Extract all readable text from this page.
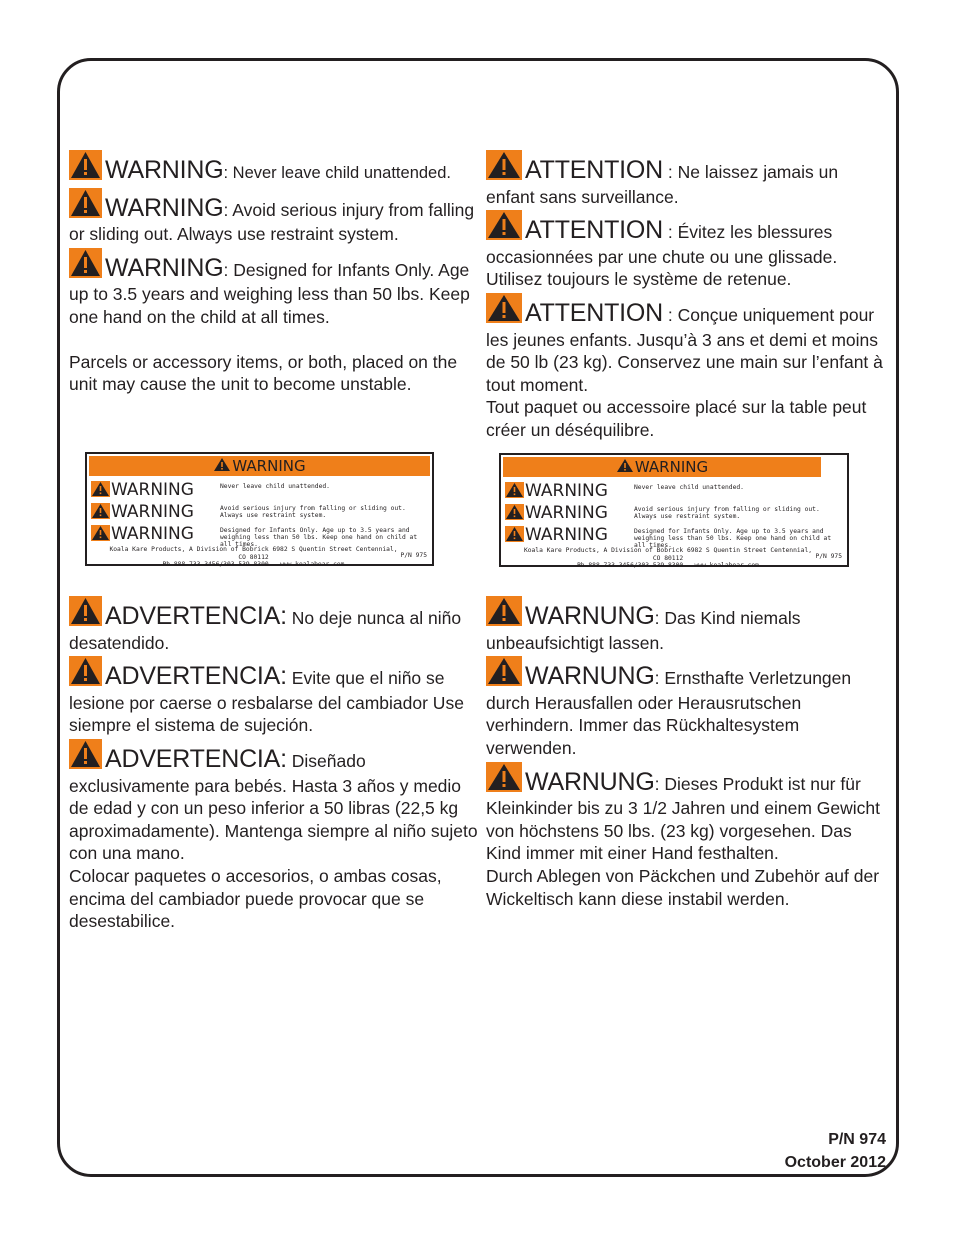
WARNING: Never leave child unattended.

WARNING: Avoid serious injury from falling or sliding out. Always use restraint system.

WARNING: Designed for Infants Only. Age up to 3.5 years and weighing less than 50 lbs. Keep one hand on the child at all times.

Parcels or accessory items, or both, placed on the unit may cause the unit to become unstable.

ATTENTION : Ne laissez jamais un enfant sans surveillance.

ATTENTION : Évitez les blessures occasionnées par une chute ou une glissade. Utilisez toujours le système de retenue.

ATTENTION : Conçue uniquement pour les jeunes enfants. Jusqu’à 3 ans et demi et moins de 50 lb (23 kg). Conservez une main sur l’enfant à tout moment.

Tout paquet ou accessoire placé sur la table peut créer un déséquilibre.

WARNING
WARNING	Never leave child unattended.
WARNING	Avoid serious injury from falling or sliding out. Always use restraint system.
WARNING	Designed for Infants Only. Age up to 3.5 years and weighing less than 50 lbs. Keep one hand on child at all times.
Koala Kare Products, A Division of Bobrick 6982 S Quentin Street Centennial, CO 80112
Ph 888-733-3456/303-539-8300 - www.koalabear.com
P/N 975
WARNING
WARNING	Never leave child unattended.
WARNING	Avoid serious injury from falling or sliding out. Always use restraint system.
WARNING	Designed for Infants Only. Age up to 3.5 years and weighing less than 50 lbs. Keep one hand on child at all times.
Koala Kare Products, A Division of Bobrick 6982 S Quentin Street Centennial, CO 80112
Ph 888-733-3456/303-539-8300 - www.koalabear.com
P/N 975

ADVERTENCIA: No deje nunca al niño desatendido.

ADVERTENCIA: Evite que el niño se lesione por caerse o resbalarse del cambiador Use siempre el sistema de sujeción.

ADVERTENCIA: Diseñado exclusivamente para bebés. Hasta 3 años y medio de edad y con un peso inferior a 50 libras (22,5 kg aproximadamente). Mantenga siempre al niño sujeto con una mano.

Colocar paquetes o accesorios, o ambas cosas, encima del cambiador puede provocar que se desestabilice.

WARNUNG: Das Kind niemals unbeaufsichtigt lassen.

WARNUNG: Ernsthafte Verletzungen durch Herausfallen oder Herausrutschen verhindern. Immer das Rückhaltesystem verwenden.

WARNUNG: Dieses Produkt ist nur für Kleinkinder bis zu 3 1/2 Jahren und einem Gewicht von höchstens 50 lbs. (23 kg) vorgesehen. Das Kind immer mit einer Hand festhalten.

Durch Ablegen von Päckchen und Zubehör auf der Wickeltisch kann diese instabil werden.

P/N 974
October 2012
